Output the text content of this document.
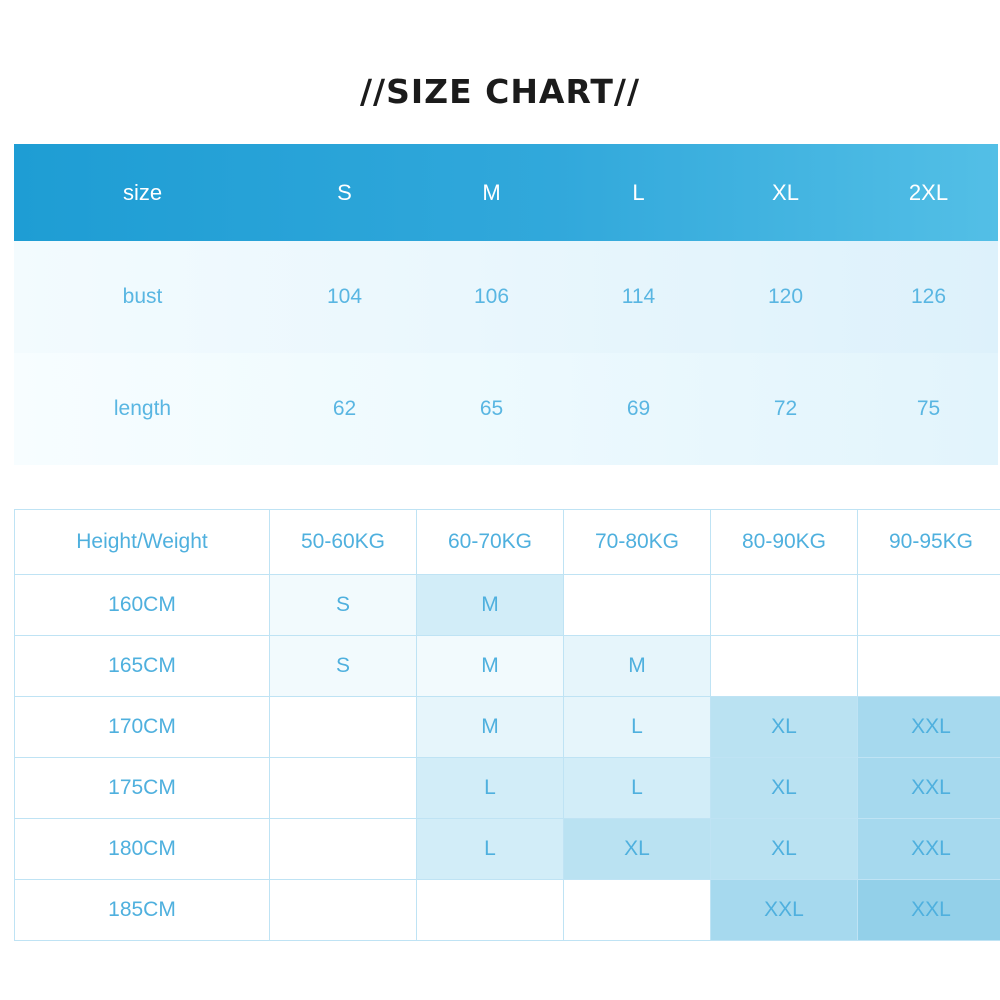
//SIZE CHART//
size	S	M	L	XL	2XL
bust	104	106	114	120	126
length	62	65	69	72	75
Height/Weight	50-60KG	60-70KG	70-80KG	80-90KG	90-95KG
160CM	S	M			
165CM	S	M	M		
170CM		M	L	XL	XXL
175CM		L	L	XL	XXL
180CM		L	XL	XL	XXL
185CM				XXL	XXL
